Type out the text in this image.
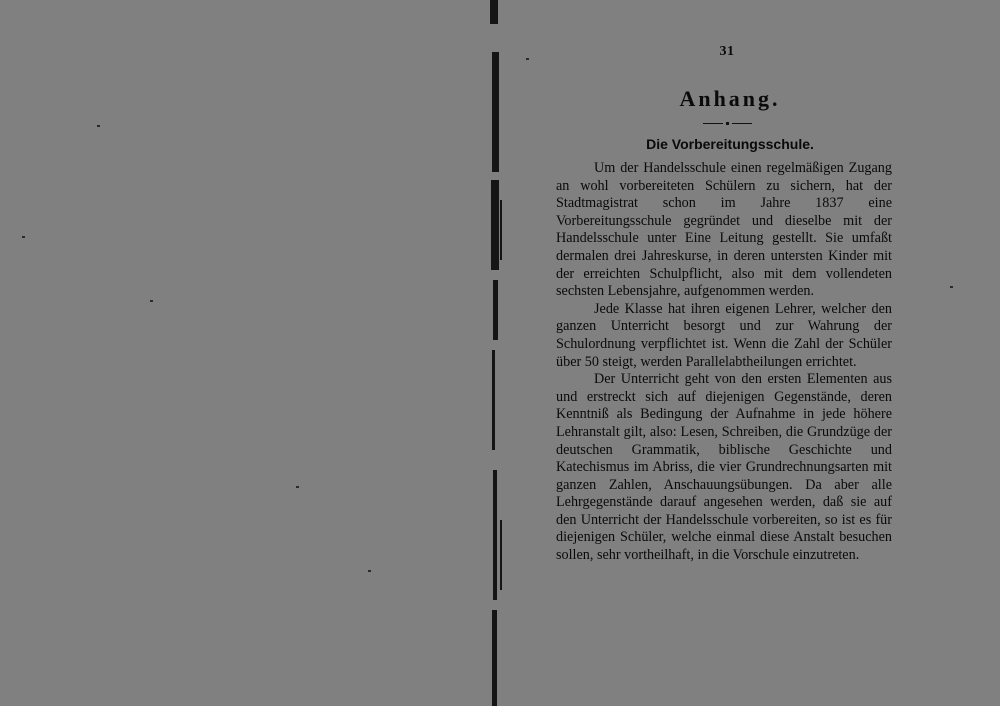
31
Anhang.
Die Vorbereitungsschule.

Um der Handelsschule einen regelmäßigen Zugang an wohl vorbereiteten Schülern zu sichern, hat der Stadtmagistrat schon im Jahre 1837 eine Vorbereitungsschule gegründet und dieselbe mit der Handelsschule unter Eine Leitung gestellt. Sie umfaßt dermalen drei Jahreskurse, in deren untersten Kinder mit der erreichten Schulpflicht, also mit dem vollendeten sechsten Lebensjahre, aufgenommen werden.

Jede Klasse hat ihren eigenen Lehrer, welcher den ganzen Unterricht besorgt und zur Wahrung der Schulordnung verpflichtet ist. Wenn die Zahl der Schüler über 50 steigt, werden Parallelabtheilungen errichtet.

Der Unterricht geht von den ersten Elementen aus und erstreckt sich auf diejenigen Gegenstände, deren Kenntniß als Bedingung der Aufnahme in jede höhere Lehranstalt gilt, also: Lesen, Schreiben, die Grundzüge der deutschen Grammatik, biblische Geschichte und Katechismus im Abriss, die vier Grundrechnungsarten mit ganzen Zahlen, Anschauungsübungen. Da aber alle Lehrgegenstände darauf angesehen werden, daß sie auf den Unterricht der Handelsschule vorbereiten, so ist es für diejenigen Schüler, welche einmal diese Anstalt besuchen sollen, sehr vortheilhaft, in die Vorschule einzutreten.
